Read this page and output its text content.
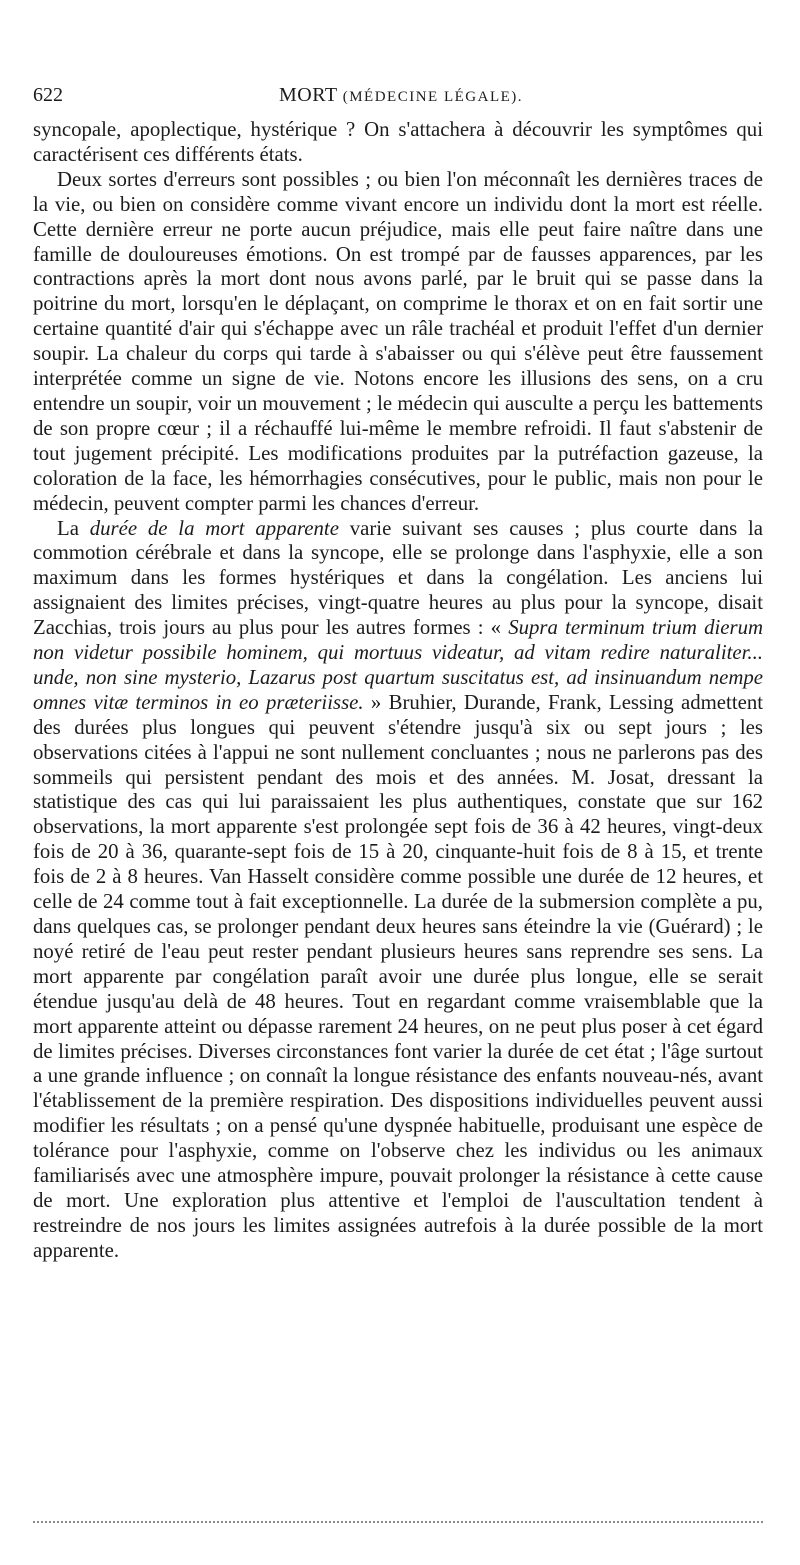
622	MORT (MÉDECINE LÉGALE).

syncopale, apoplectique, hystérique ? On s'attachera à découvrir les symptômes qui caractérisent ces différents états.

Deux sortes d'erreurs sont possibles ; ou bien l'on méconnaît les dernières traces de la vie, ou bien on considère comme vivant encore un individu dont la mort est réelle. Cette dernière erreur ne porte aucun préjudice, mais elle peut faire naître dans une famille de douloureuses émotions. On est trompé par de fausses apparences, par les contractions après la mort dont nous avons parlé, par le bruit qui se passe dans la poitrine du mort, lorsqu'en le déplaçant, on comprime le thorax et on en fait sortir une certaine quantité d'air qui s'échappe avec un râle trachéal et produit l'effet d'un dernier soupir. La chaleur du corps qui tarde à s'abaisser ou qui s'élève peut être faussement interprétée comme un signe de vie. Notons encore les illusions des sens, on a cru entendre un soupir, voir un mouvement ; le médecin qui ausculte a perçu les battements de son propre cœur ; il a réchauffé lui-même le membre refroidi. Il faut s'abstenir de tout jugement précipité. Les modifications produites par la putréfaction gazeuse, la coloration de la face, les hémorrhagies consécutives, pour le public, mais non pour le médecin, peuvent compter parmi les chances d'erreur.

La durée de la mort apparente varie suivant ses causes ; plus courte dans la commotion cérébrale et dans la syncope, elle se prolonge dans l'asphyxie, elle a son maximum dans les formes hystériques et dans la congélation. Les anciens lui assignaient des limites précises, vingt-quatre heures au plus pour la syncope, disait Zacchias, trois jours au plus pour les autres formes : « Supra terminum trium dierum non videtur possibile hominem, qui mortuus videatur, ad vitam redire naturaliter... unde, non sine mysterio, Lazarus post quartum suscitatus est, ad insinuandum nempe omnes vitæ terminos in eo præteriisse. » Bruhier, Durande, Frank, Lessing admettent des durées plus longues qui peuvent s'étendre jusqu'à six ou sept jours ; les observations citées à l'appui ne sont nullement concluantes ; nous ne parlerons pas des sommeils qui persistent pendant des mois et des années. M. Josat, dressant la statistique des cas qui lui paraissaient les plus authentiques, constate que sur 162 observations, la mort apparente s'est prolongée sept fois de 36 à 42 heures, vingt-deux fois de 20 à 36, quarante-sept fois de 15 à 20, cinquante-huit fois de 8 à 15, et trente fois de 2 à 8 heures. Van Hasselt considère comme possible une durée de 12 heures, et celle de 24 comme tout à fait exceptionnelle. La durée de la submersion complète a pu, dans quelques cas, se prolonger pendant deux heures sans éteindre la vie (Guérard) ; le noyé retiré de l'eau peut rester pendant plusieurs heures sans reprendre ses sens. La mort apparente par congélation paraît avoir une durée plus longue, elle se serait étendue jusqu'au delà de 48 heures. Tout en regardant comme vraisemblable que la mort apparente atteint ou dépasse rarement 24 heures, on ne peut plus poser à cet égard de limites précises. Diverses circonstances font varier la durée de cet état ; l'âge surtout a une grande influence ; on connaît la longue résistance des enfants nouveau-nés, avant l'établissement de la première respiration. Des dispositions individuelles peuvent aussi modifier les résultats ; on a pensé qu'une dyspnée habituelle, produisant une espèce de tolérance pour l'asphyxie, comme on l'observe chez les individus ou les animaux familiarisés avec une atmosphère impure, pouvait prolonger la résistance à cette cause de mort. Une exploration plus attentive et l'emploi de l'auscultation tendent à restreindre de nos jours les limites assignées autrefois à la durée possible de la mort apparente.
